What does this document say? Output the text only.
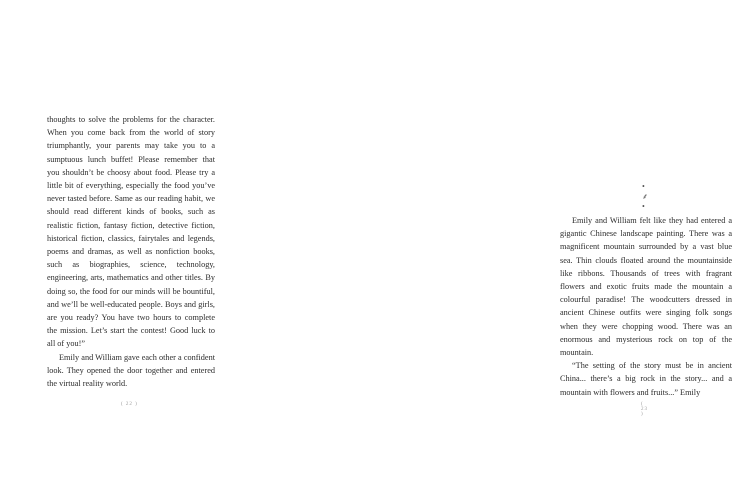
thoughts to solve the problems for the character. When you come back from the world of story triumphantly, your parents may take you to a sumptuous lunch buffet! Please remember that you shouldn’t be choosy about food. Please try a little bit of everything, especially the food you’ve never tasted before. Same as our reading habit, we should read different kinds of books, such as realistic fiction, fantasy fiction, detective fiction, historical fiction, classics, fairytales and legends, poems and dramas, as well as nonfiction books, such as biographies, science, technology, engineering, arts, mathematics and other titles. By doing so, the food for our minds will be bountiful, and we’ll be well-educated people. Boys and girls, are you ready? You have two hours to complete the mission. Let’s start the contest! Good luck to all of you!”

Emily and William gave each other a confident look. They opened the door together and entered the virtual reality world.

( 22 )
• ⸙ •

Emily and William felt like they had entered a gigantic Chinese landscape painting. There was a magnificent mountain surrounded by a vast blue sea. Thin clouds floated around the mountainside like ribbons. Thousands of trees with fragrant flowers and exotic fruits made the mountain a colourful paradise! The woodcutters dressed in ancient Chinese outfits were singing folk songs when they were chopping wood. There was an enormous and mysterious rock on top of the mountain.

“The setting of the story must be in ancient China... there’s a big rock in the story... and a mountain with flowers and fruits...” Emily

( 23 )
